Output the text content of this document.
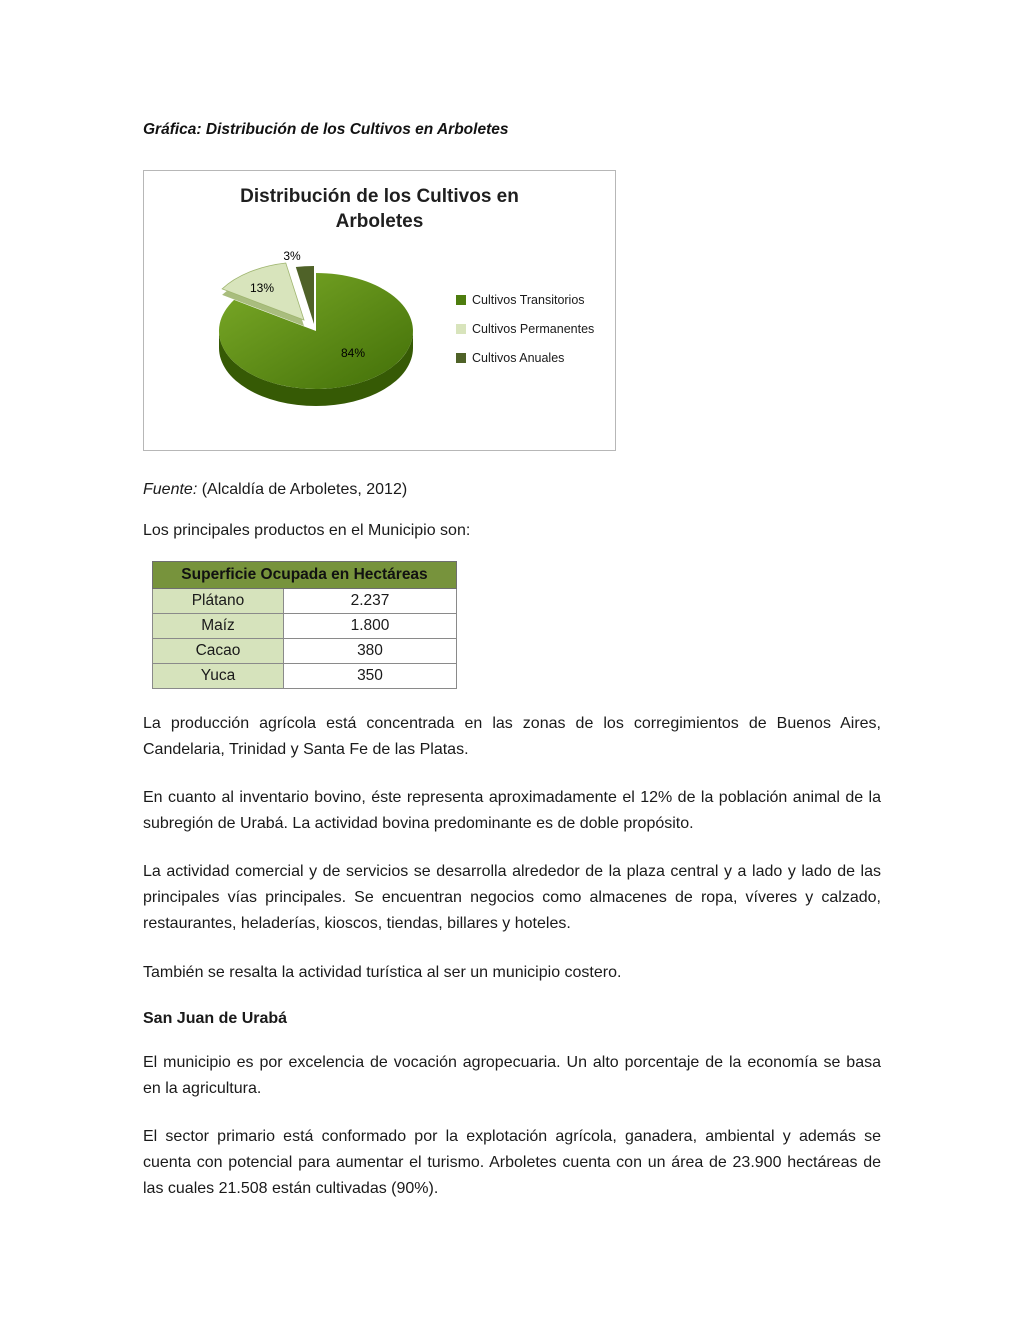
Gráfica: Distribución de los Cultivos en Arboletes

Distribución de los Cultivos en
Arboletes
84%
13%
3%
Cultivos Transitorios
Cultivos Permanentes
Cultivos Anuales

Fuente: (Alcaldía de Arboletes, 2012)

Los principales productos en el Municipio son:

Superficie Ocupada en Hectáreas	
Plátano	2.237
Maíz	1.800
Cacao	380
Yuca	350

La producción agrícola está concentrada en las zonas de los corregimientos de Buenos Aires, Candelaria, Trinidad y Santa Fe de las Platas.

En cuanto al inventario bovino, éste representa aproximadamente el 12% de la población animal de la subregión de Urabá. La actividad bovina predominante es de doble propósito.

La actividad comercial y de servicios se desarrolla alrededor de la plaza central y a lado y lado de las principales vías principales. Se encuentran negocios como almacenes de ropa, víveres y calzado, restaurantes, heladerías, kioscos, tiendas, billares y hoteles.

También se resalta la actividad turística al ser un municipio costero.

San Juan de Urabá

El municipio es por excelencia de vocación agropecuaria. Un alto porcentaje de la economía se basa en la agricultura.

El sector primario está conformado por la explotación agrícola, ganadera, ambiental y además se cuenta con potencial para aumentar el turismo. Arboletes cuenta con un área de 23.900 hectáreas de las cuales 21.508 están cultivadas (90%).
